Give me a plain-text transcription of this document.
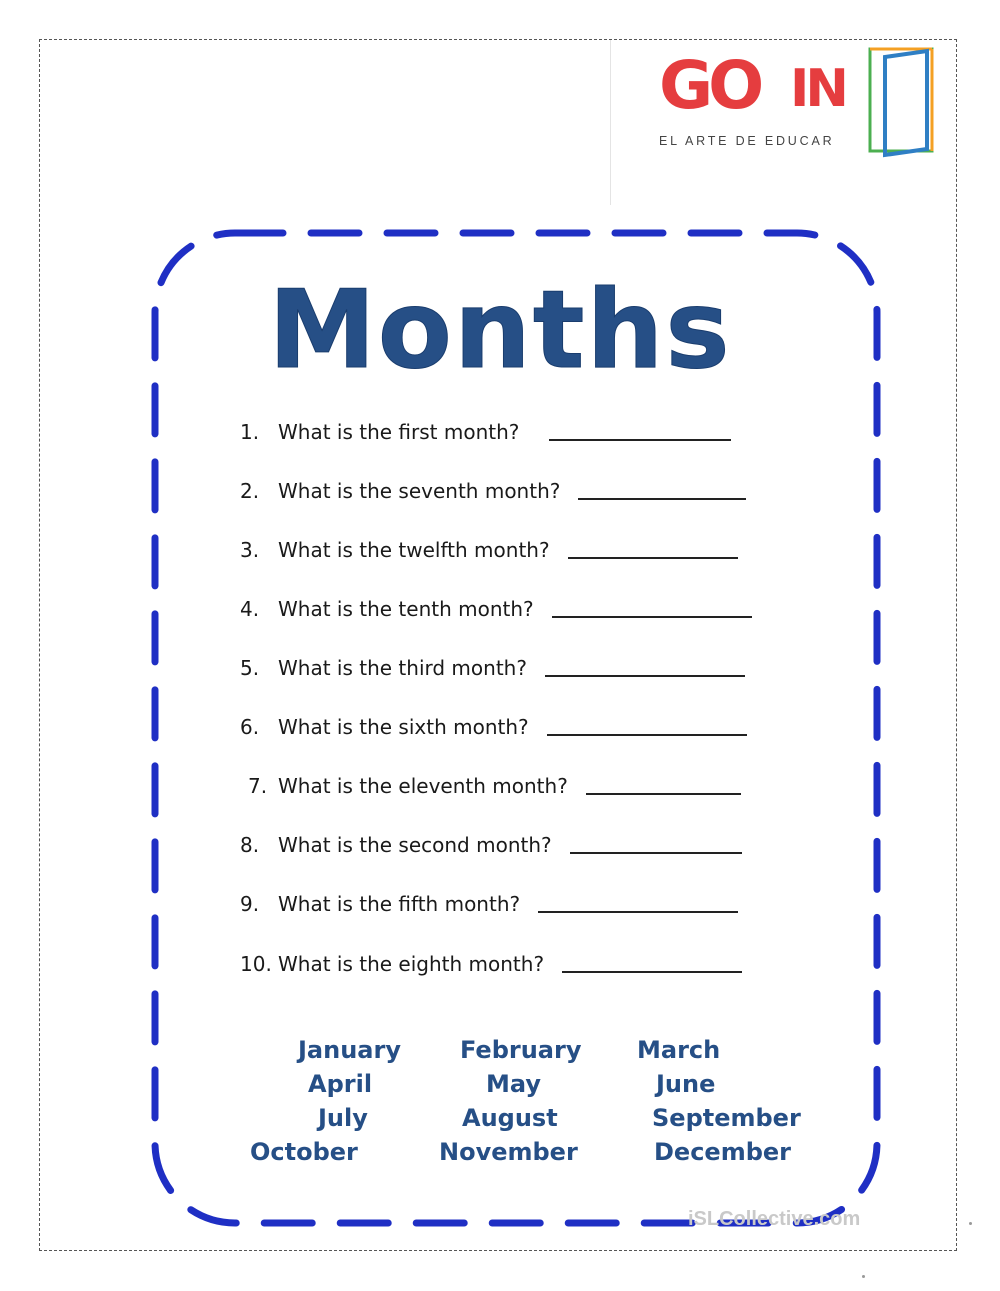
GO IN
EL ARTE DE EDUCAR
Months
1. What is the first month?
2. What is the seventh month?
3. What is the twelfth month?
4. What is the tenth month?
5. What is the third month?
6. What is the sixth month?
7. What is the eleventh month?
8. What is the second month?
9. What is the fifth month?
10. What is the eighth month?
January February March
April	May	June
July	August	September
October	November	December
iSLCollective.com
